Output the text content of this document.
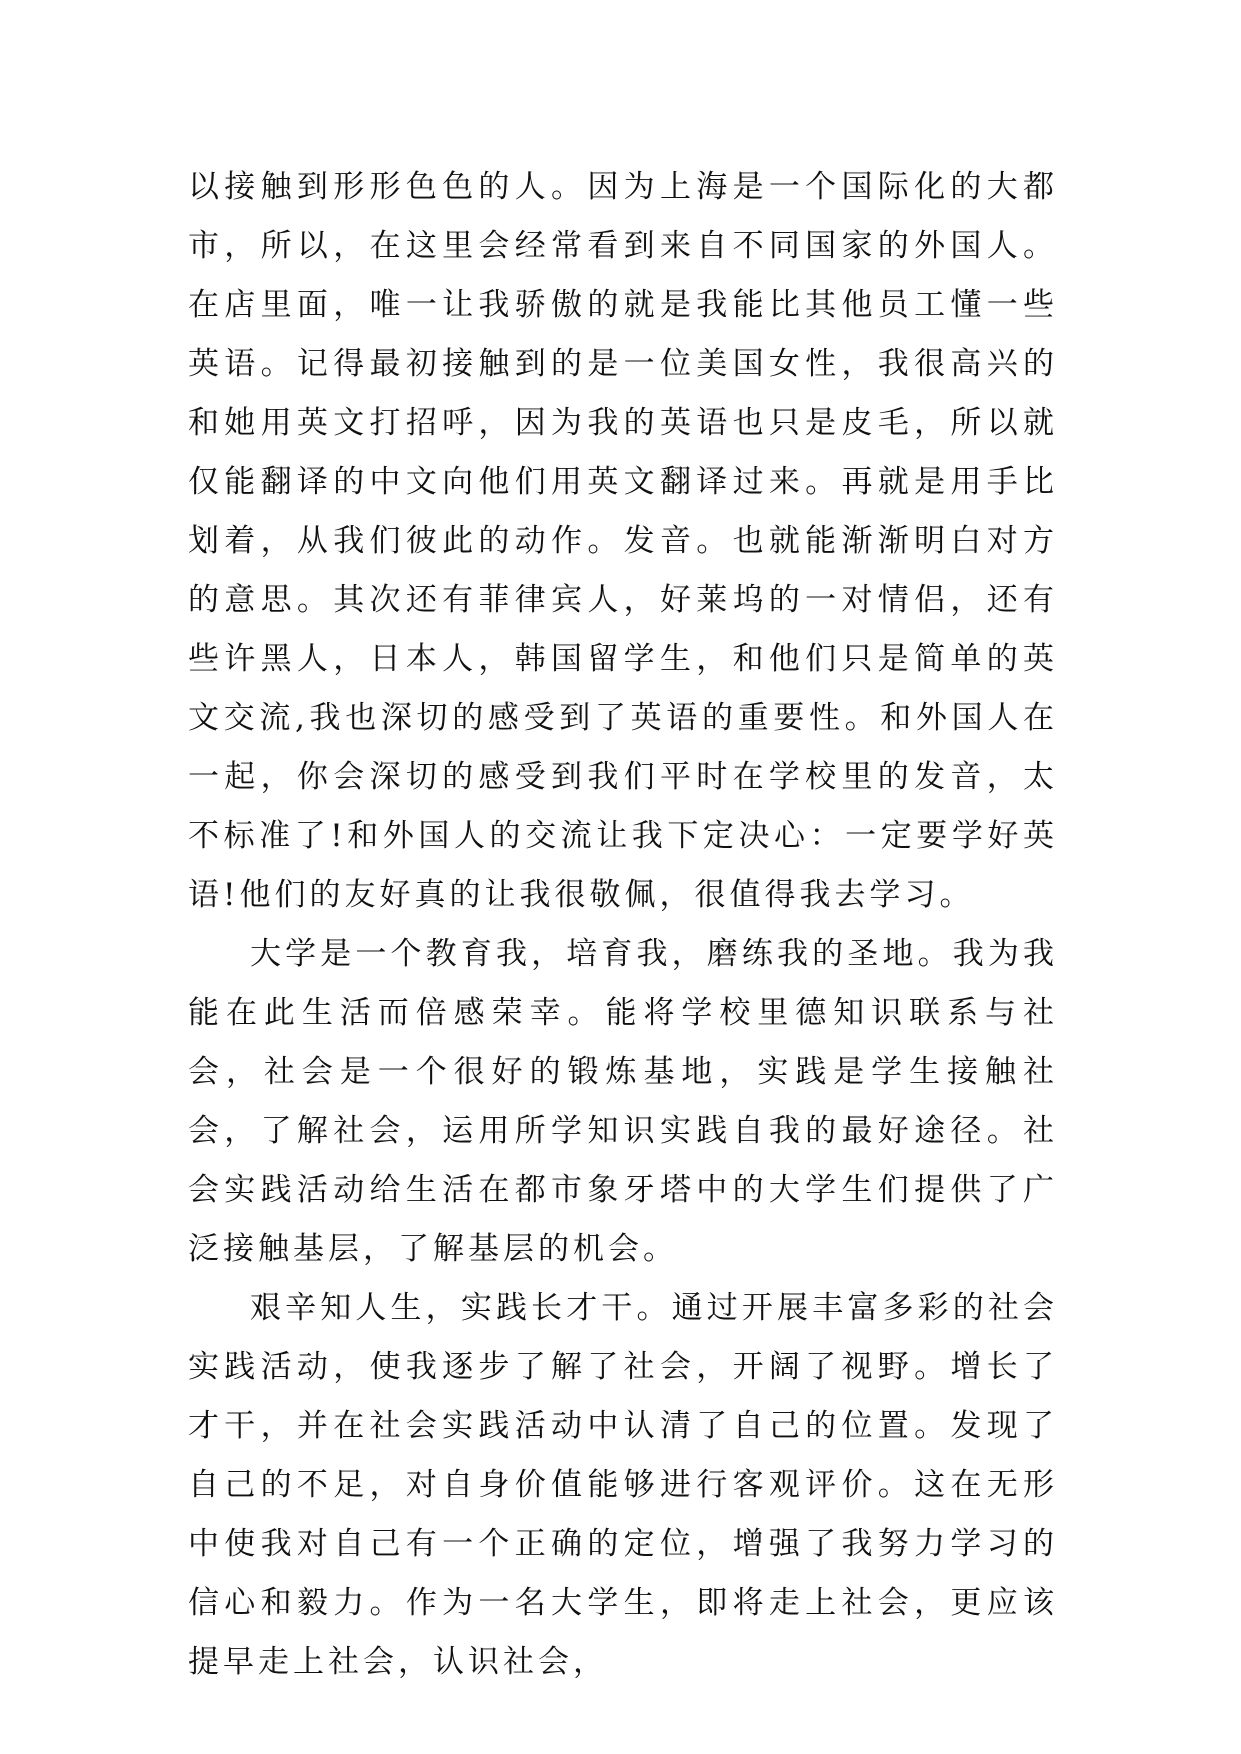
以接触到形形色色的人。因为上海是一个国际化的大都市，所以，在这里会经常看到来自不同国家的外国人。在店里面，唯一让我骄傲的就是我能比其他员工懂一些英语。记得最初接触到的是一位美国女性，我很高兴的和她用英文打招呼，因为我的英语也只是皮毛，所以就仅能翻译的中文向他们用英文翻译过来。再就是用手比划着，从我们彼此的动作。发音。也就能渐渐明白对方的意思。其次还有菲律宾人，好莱坞的一对情侣，还有些许黑人，日本人，韩国留学生，和他们只是简单的英文交流,我也深切的感受到了英语的重要性。和外国人在一起，你会深切的感受到我们平时在学校里的发音，太不标准了!和外国人的交流让我下定决心：一定要学好英语!他们的友好真的让我很敬佩，很值得我去学习。

大学是一个教育我，培育我，磨练我的圣地。我为我能在此生活而倍感荣幸。能将学校里德知识联系与社会，社会是一个很好的锻炼基地，实践是学生接触社会，了解社会，运用所学知识实践自我的最好途径。社会实践活动给生活在都市象牙塔中的大学生们提供了广泛接触基层，了解基层的机会。

艰辛知人生，实践长才干。通过开展丰富多彩的社会实践活动，使我逐步了解了社会，开阔了视野。增长了才干，并在社会实践活动中认清了自己的位置。发现了自己的不足，对自身价值能够进行客观评价。这在无形中使我对自己有一个正确的定位，增强了我努力学习的信心和毅力。作为一名大学生，即将走上社会，更应该提早走上社会，认识社会，
